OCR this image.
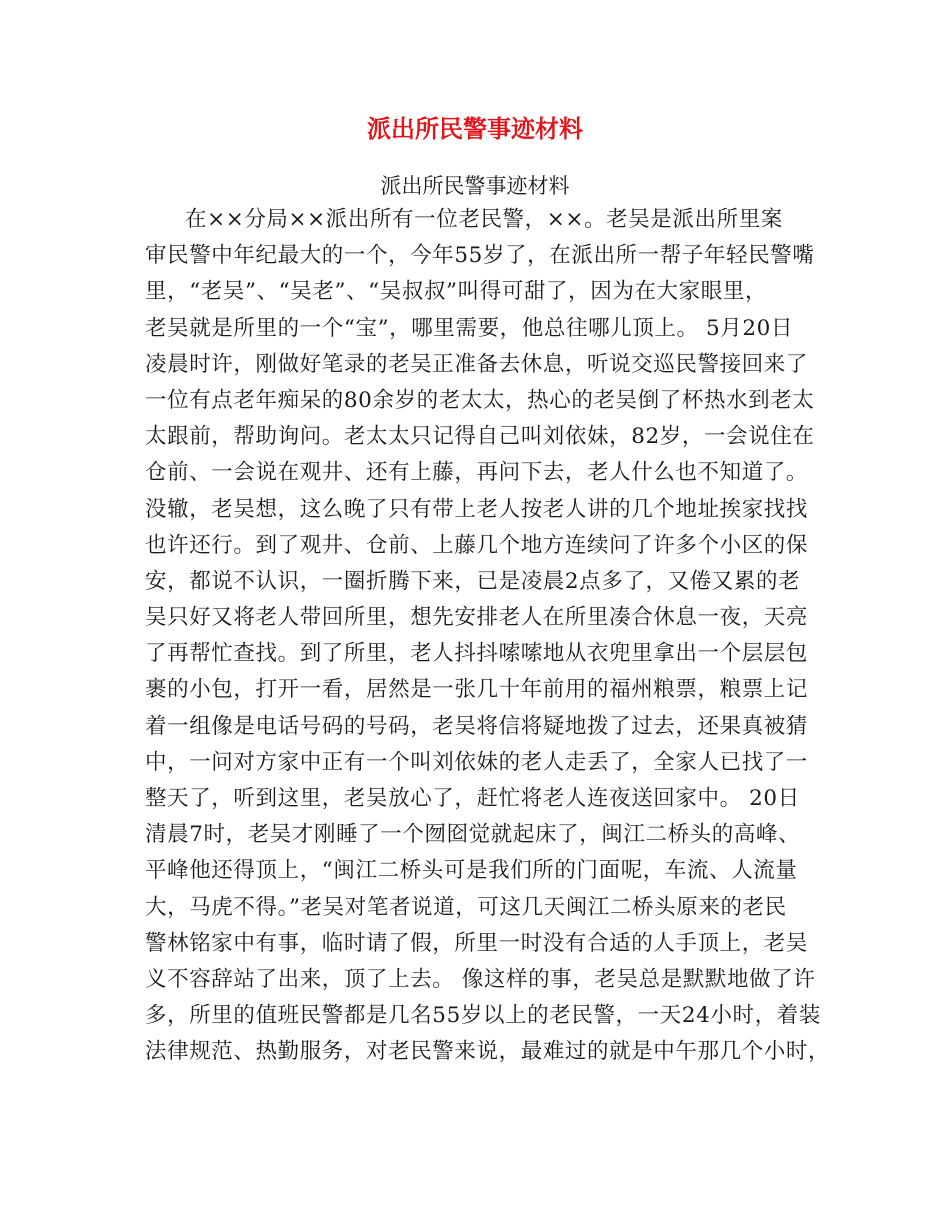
派出所民警事迹材料
派出所民警事迹材料
在××分局××派出所有一位老民警，××。老吴是派出所里案
审民警中年纪最大的一个，今年55岁了，在派出所一帮子年轻民警嘴
里，“老吴”、“吴老”、“吴叔叔”叫得可甜了，因为在大家眼里，
老吴就是所里的一个“宝”，哪里需要，他总往哪儿顶上。 5月20日
凌晨时许，刚做好笔录的老吴正准备去休息，听说交巡民警接回来了
一位有点老年痴呆的80余岁的老太太，热心的老吴倒了杯热水到老太
太跟前，帮助询问。老太太只记得自己叫刘依妹，82岁，一会说住在
仓前、一会说在观井、还有上藤，再问下去，老人什么也不知道了。
没辙，老吴想，这么晚了只有带上老人按老人讲的几个地址挨家找找
也许还行。到了观井、仓前、上藤几个地方连续问了许多个小区的保
安，都说不认识，一圈折腾下来，已是凌晨2点多了，又倦又累的老
吴只好又将老人带回所里，想先安排老人在所里凑合休息一夜，天亮
了再帮忙查找。到了所里，老人抖抖嗦嗦地从衣兜里拿出一个层层包
裹的小包，打开一看，居然是一张几十年前用的福州粮票，粮票上记
着一组像是电话号码的号码，老吴将信将疑地拨了过去，还果真被猜
中，一问对方家中正有一个叫刘依妹的老人走丢了，全家人已找了一
整天了，听到这里，老吴放心了，赶忙将老人连夜送回家中。 20日
清晨7时，老吴才刚睡了一个囫囵觉就起床了，闽江二桥头的高峰、
平峰他还得顶上，“闽江二桥头可是我们所的门面呢，车流、人流量
大，马虎不得。”老吴对笔者说道，可这几天闽江二桥头原来的老民
警林铭家中有事，临时请了假，所里一时没有合适的人手顶上，老吴
义不容辞站了出来，顶了上去。 像这样的事，老吴总是默默地做了许
多，所里的值班民警都是几名55岁以上的老民警，一天24小时，着装
法律规范、热勤服务，对老民警来说，最难过的就是中午那几个小时，
